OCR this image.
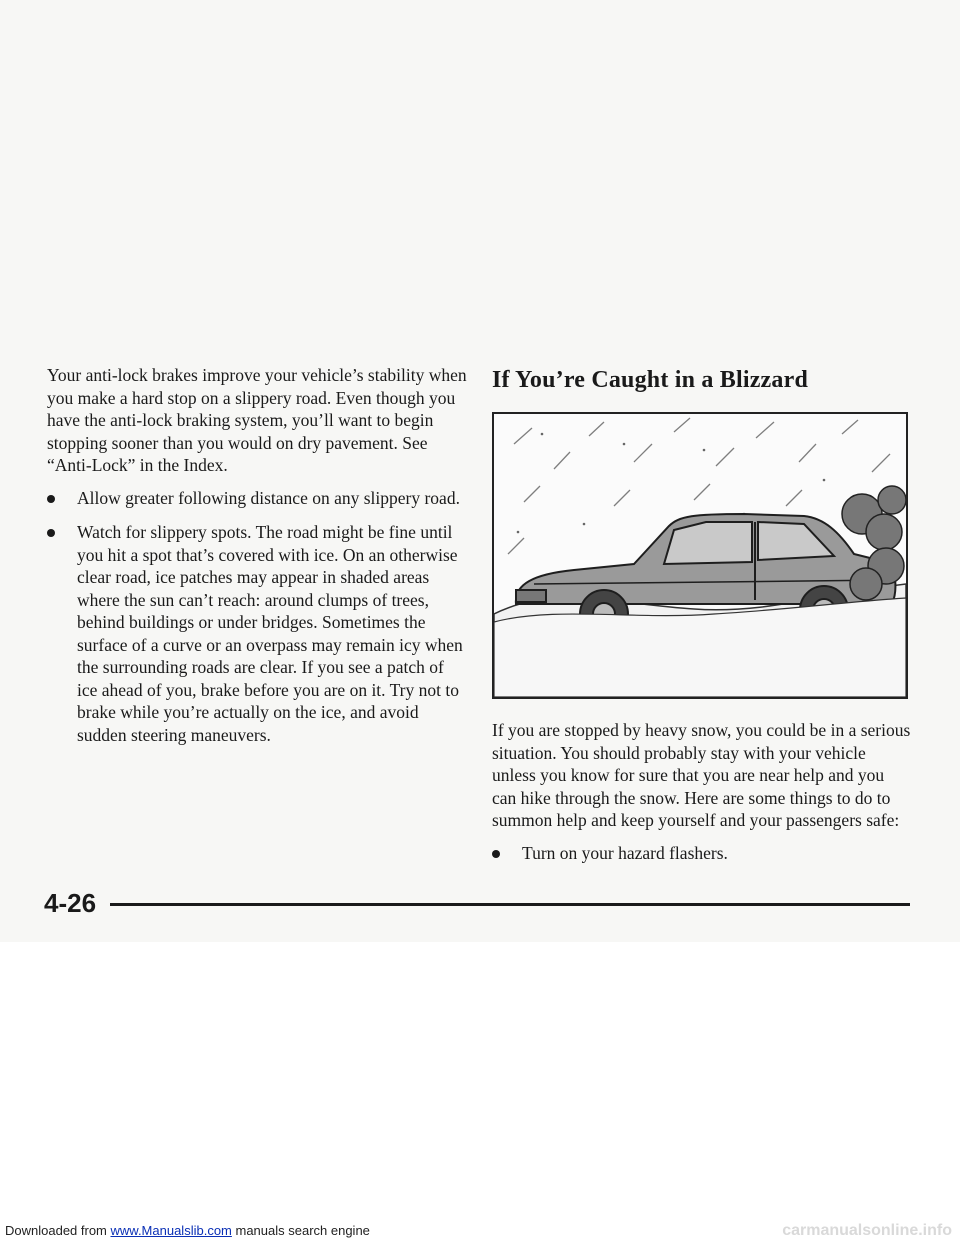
Your anti-lock brakes improve your vehicle’s stability when you make a hard stop on a slippery road. Even though you have the anti-lock braking system, you’ll want to begin stopping sooner than you would on dry pavement. See “Anti-Lock” in the Index.

Allow greater following distance on any slippery road.
Watch for slippery spots. The road might be fine until you hit a spot that’s covered with ice. On an otherwise clear road, ice patches may appear in shaded areas where the sun can’t reach: around clumps of trees, behind buildings or under bridges. Sometimes the surface of a curve or an overpass may remain icy when the surrounding roads are clear. If you see a patch of ice ahead of you, brake before you are on it. Try not to brake while you’re actually on the ice, and avoid sudden steering maneuvers.
If You’re Caught in a Blizzard

If you are stopped by heavy snow, you could be in a serious situation. You should probably stay with your vehicle unless you know for sure that you are near help and you can hike through the snow. Here are some things to do to summon help and keep yourself and your passengers safe:

Turn on your hazard flashers.
4-26
Downloaded from www.Manualslib.com manuals search engine	carmanualsonline.info
